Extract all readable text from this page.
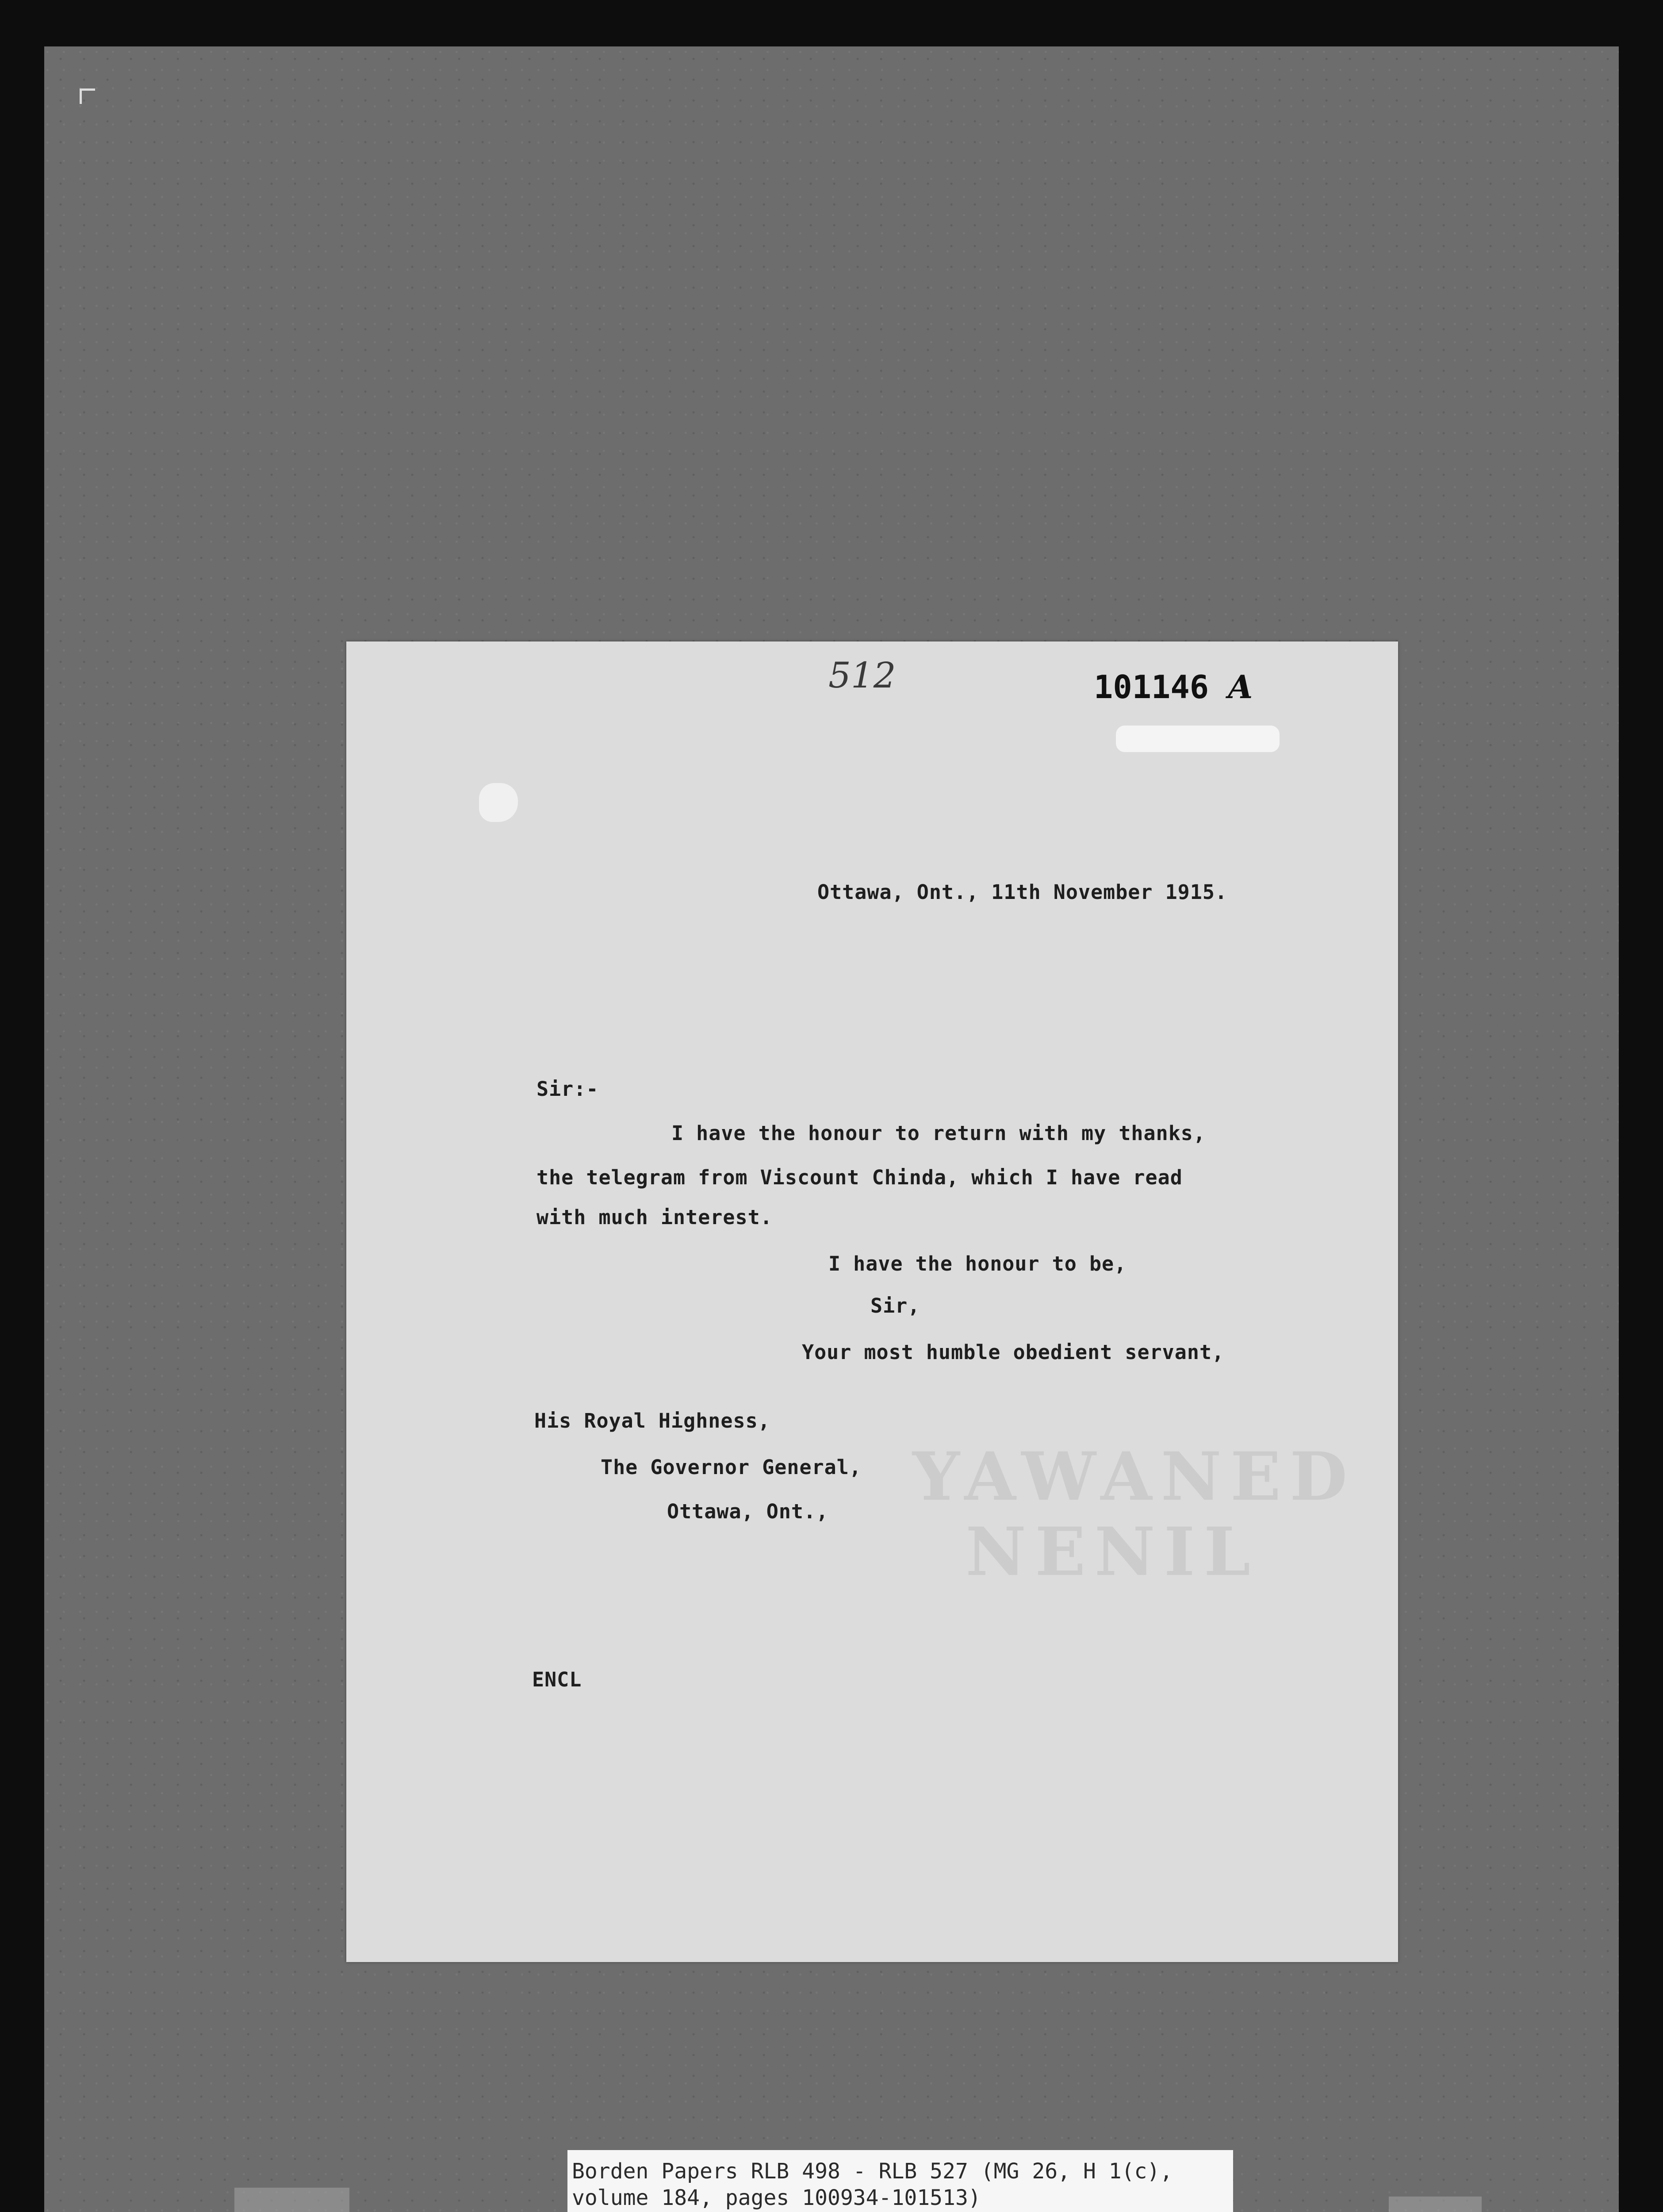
YAWANED
NENIL
512	101146 A
Ottawa, Ont., 11th November 1915.
Sir:-
I have the honour to return with my thanks,
the telegram from Viscount Chinda, which I have read
with much interest.
I have the honour to be,
Sir,
Your most humble obedient servant,
His Royal Highness,
The Governor General,
Ottawa, Ont.,
ENCL
Borden Papers RLB 498 - RLB 527 (MG 26, H 1(c),
volume 184, pages 100934-101513)
